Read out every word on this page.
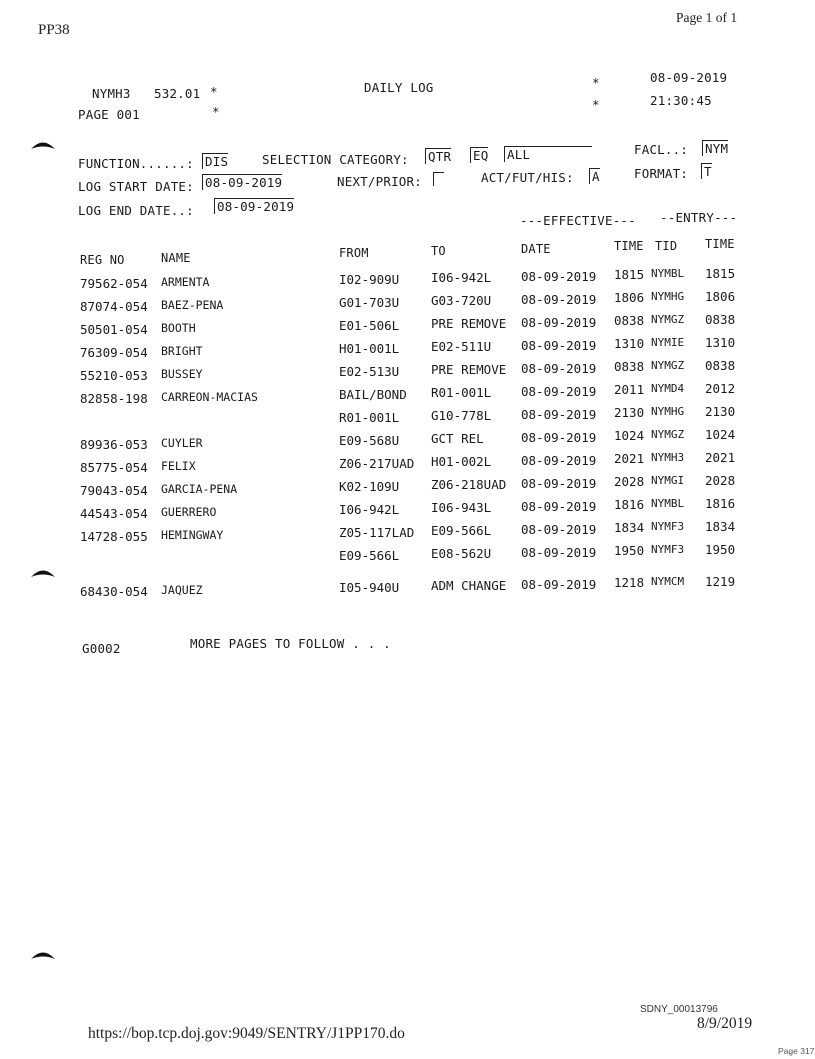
PP38
Page 1 of 1
NYMH3 532.01 *	DAILY LOG	*	08-09-2019
PAGE 001	*	*	21:30:45
FUNCTION......: DIS	SELECTION CATEGORY: QTR EQ ALL	FACL..: NYM
LOG START DATE: 08-09-2019	NEXT/PRIOR:	ACT/FUT/HIS: A	FORMAT: T
LOG END DATE..: 08-09-2019
---EFFECTIVE--- --ENTRY---
REG NO	NAME	FROM	TO	DATE	TIME TID TIME
79562-054 ARMENTA	I02-909U	I06-942L 08-09-2019 1815 NYMBL 1815
87074-054 BAEZ-PENA	G01-703U	G03-720U 08-09-2019 1806 NYMHG 1806
50501-054 BOOTH	E01-506L	PRE REMOVE 08-09-2019 0838 NYMGZ 0838
76309-054 BRIGHT	H01-001L	E02-511U 08-09-2019 1310 NYMIE 1310
55210-053 BUSSEY	E02-513U	PRE REMOVE 08-09-2019 0838 NYMGZ 0838
82858-198 CARREON-MACIAS	BAIL/BOND R01-001L 08-09-2019 2011 NYMD4 2012
R01-001L	G10-778L 08-09-2019 2130 NYMHG 2130
89936-053 CUYLER	E09-568U	GCT REL	08-09-2019 1024 NYMGZ 1024
85775-054 FELIX	Z06-217UAD H01-002L 08-09-2019 2021 NYMH3 2021
79043-054 GARCIA-PENA	K02-109U	Z06-218UAD 08-09-2019 2028 NYMGI 2028
44543-054 GUERRERO	I06-942L	I06-943L 08-09-2019 1816 NYMBL 1816
14728-055 HEMINGWAY	Z05-117LAD E09-566L 08-09-2019 1834 NYMF3 1834
E09-566L	E08-562U 08-09-2019 1950 NYMF3 1950
68430-054 JAQUEZ	I05-940U	ADM CHANGE 08-09-2019 1218 NYMCM 1219
G0002	MORE PAGES TO FOLLOW . . .
https://bop.tcp.doj.gov:9049/SENTRY/J1PP170.do
SDNY_00013796
8/9/2019
Page 317
